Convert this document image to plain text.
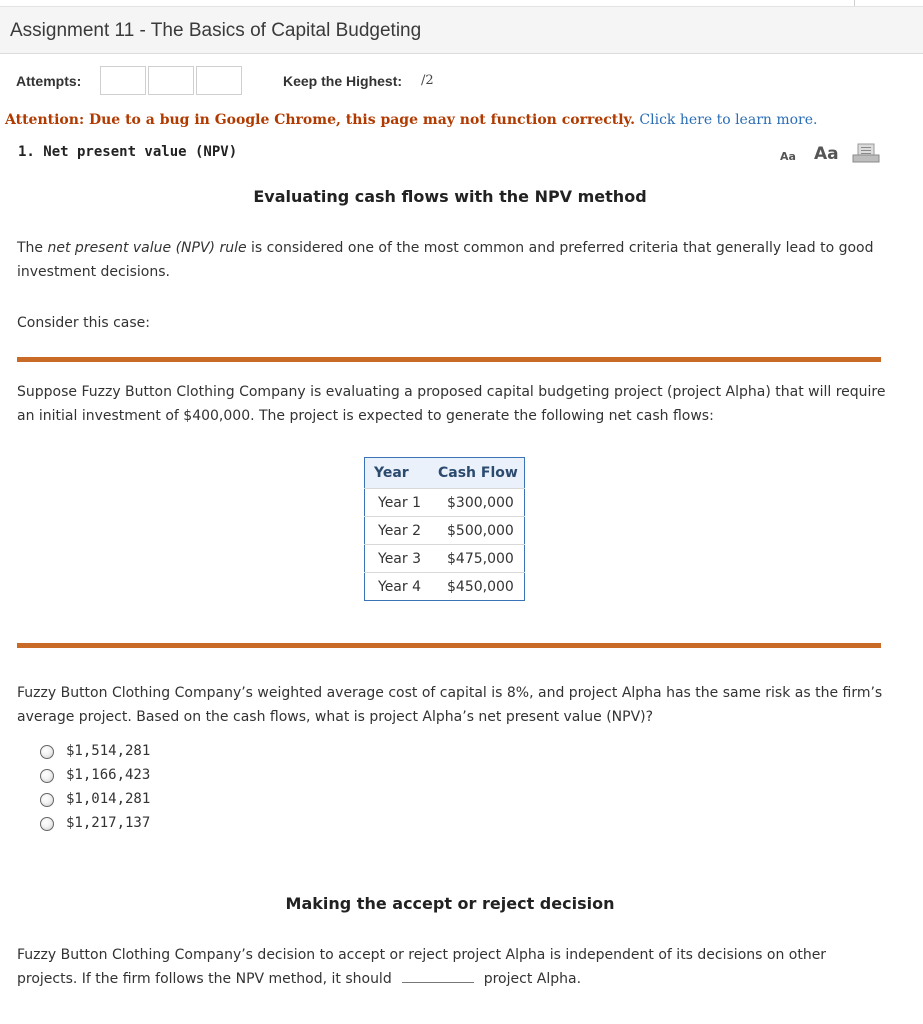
Assignment 11 - The Basics of Capital Budgeting
Attempts:	Keep the Highest: /2
Attention: Due to a bug in Google Chrome, this page may not function correctly. Click here to learn more.
1. Net present value (NPV)	Aa Aa
Evaluating cash flows with the NPV method
The net present value (NPV) rule is considered one of the most common and preferred criteria that generally lead to good investment decisions.
Consider this case:
Suppose Fuzzy Button Clothing Company is evaluating a proposed capital budgeting project (project Alpha) that will require an initial investment of $400,000. The project is expected to generate the following net cash flows:
Year	Cash Flow
Year 1	$300,000
Year 2	$500,000
Year 3	$475,000
Year 4	$450,000
Fuzzy Button Clothing Company’s weighted average cost of capital is 8%, and project Alpha has the same risk as the firm’s average project. Based on the cash flows, what is project Alpha’s net present value (NPV)?
$1,514,281
$1,166,423
$1,014,281
$1,217,137
Making the accept or reject decision
Fuzzy Button Clothing Company’s decision to accept or reject project Alpha is independent of its decisions on other projects. If the firm follows the NPV method, it should	project Alpha.
